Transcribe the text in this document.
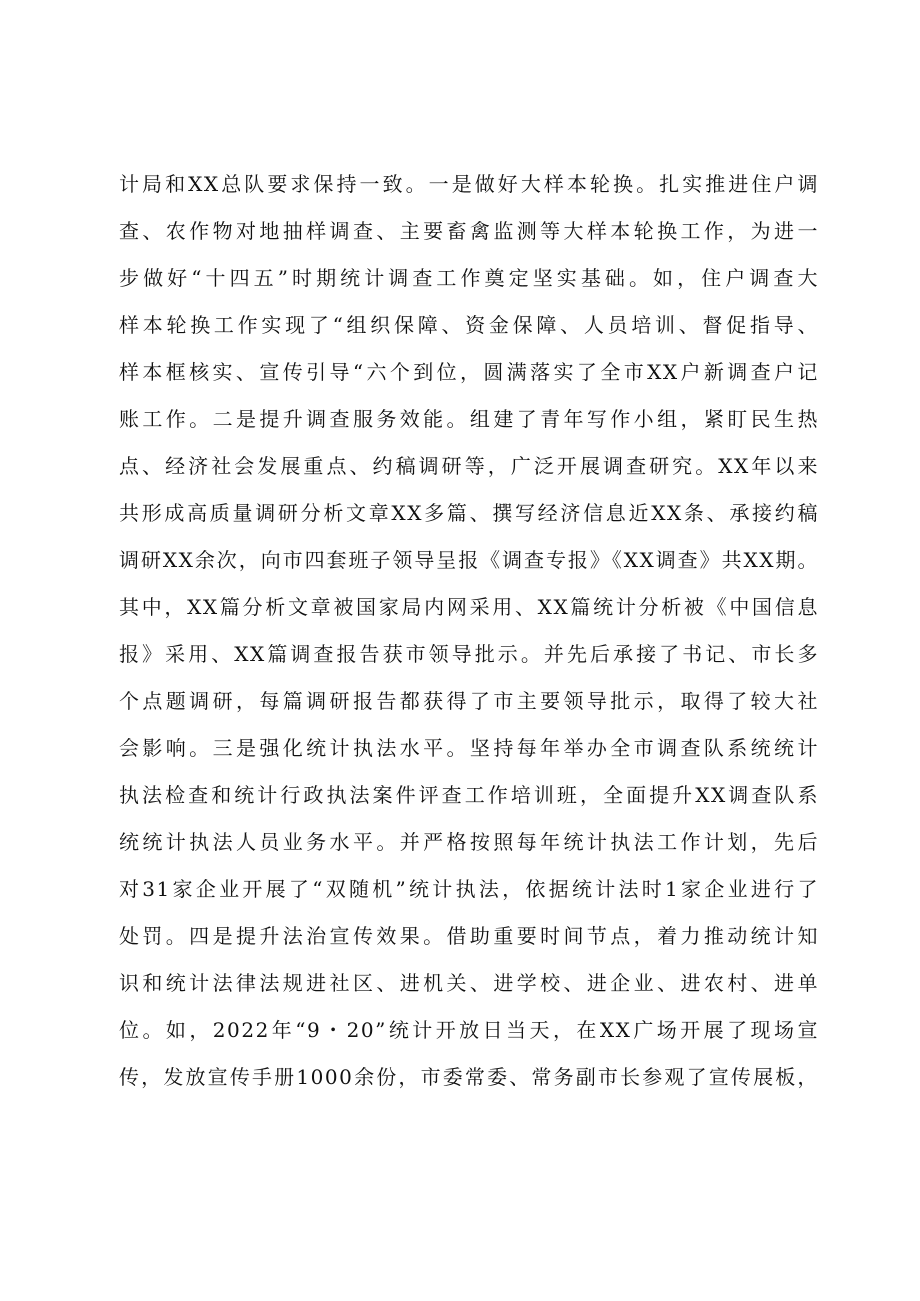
计局和XX总队要求保持一致。一是做好大样本轮换。扎实推进住户调
查、农作物对地抽样调查、主要畜禽监测等大样本轮换工作，为进一
步做好“十四五”时期统计调查工作奠定坚实基础。如，住户调查大
样本轮换工作实现了“组织保障、资金保障、人员培训、督促指导、
样本框核实、宣传引导“六个到位，圆满落实了全市XX户新调查户记
账工作。二是提升调查服务效能。组建了青年写作小组，紧盯民生热
点、经济社会发展重点、约稿调研等，广泛开展调查研究。XX年以来
共形成高质量调研分析文章XX多篇、撰写经济信息近XX条、承接约稿
调研XX余次，向市四套班子领导呈报《调查专报》《XX调查》共XX期。
其中，XX篇分析文章被国家局内网采用、XX篇统计分析被《中国信息
报》采用、XX篇调查报告获市领导批示。并先后承接了书记、市长多
个点题调研，每篇调研报告都获得了市主要领导批示，取得了较大社
会影响。三是强化统计执法水平。坚持每年举办全市调查队系统统计
执法检查和统计行政执法案件评查工作培训班，全面提升XX调查队系
统统计执法人员业务水平。并严格按照每年统计执法工作计划，先后
对31家企业开展了“双随机”统计执法，依据统计法时1家企业进行了
处罚。四是提升法治宣传效果。借助重要时间节点，着力推动统计知
识和统计法律法规进社区、进机关、进学校、进企业、进农村、进单
位。如，2022年“9・20”统计开放日当天，在XX广场开展了现场宣
传，发放宣传手册1000余份，市委常委、常务副市长参观了宣传展板，
